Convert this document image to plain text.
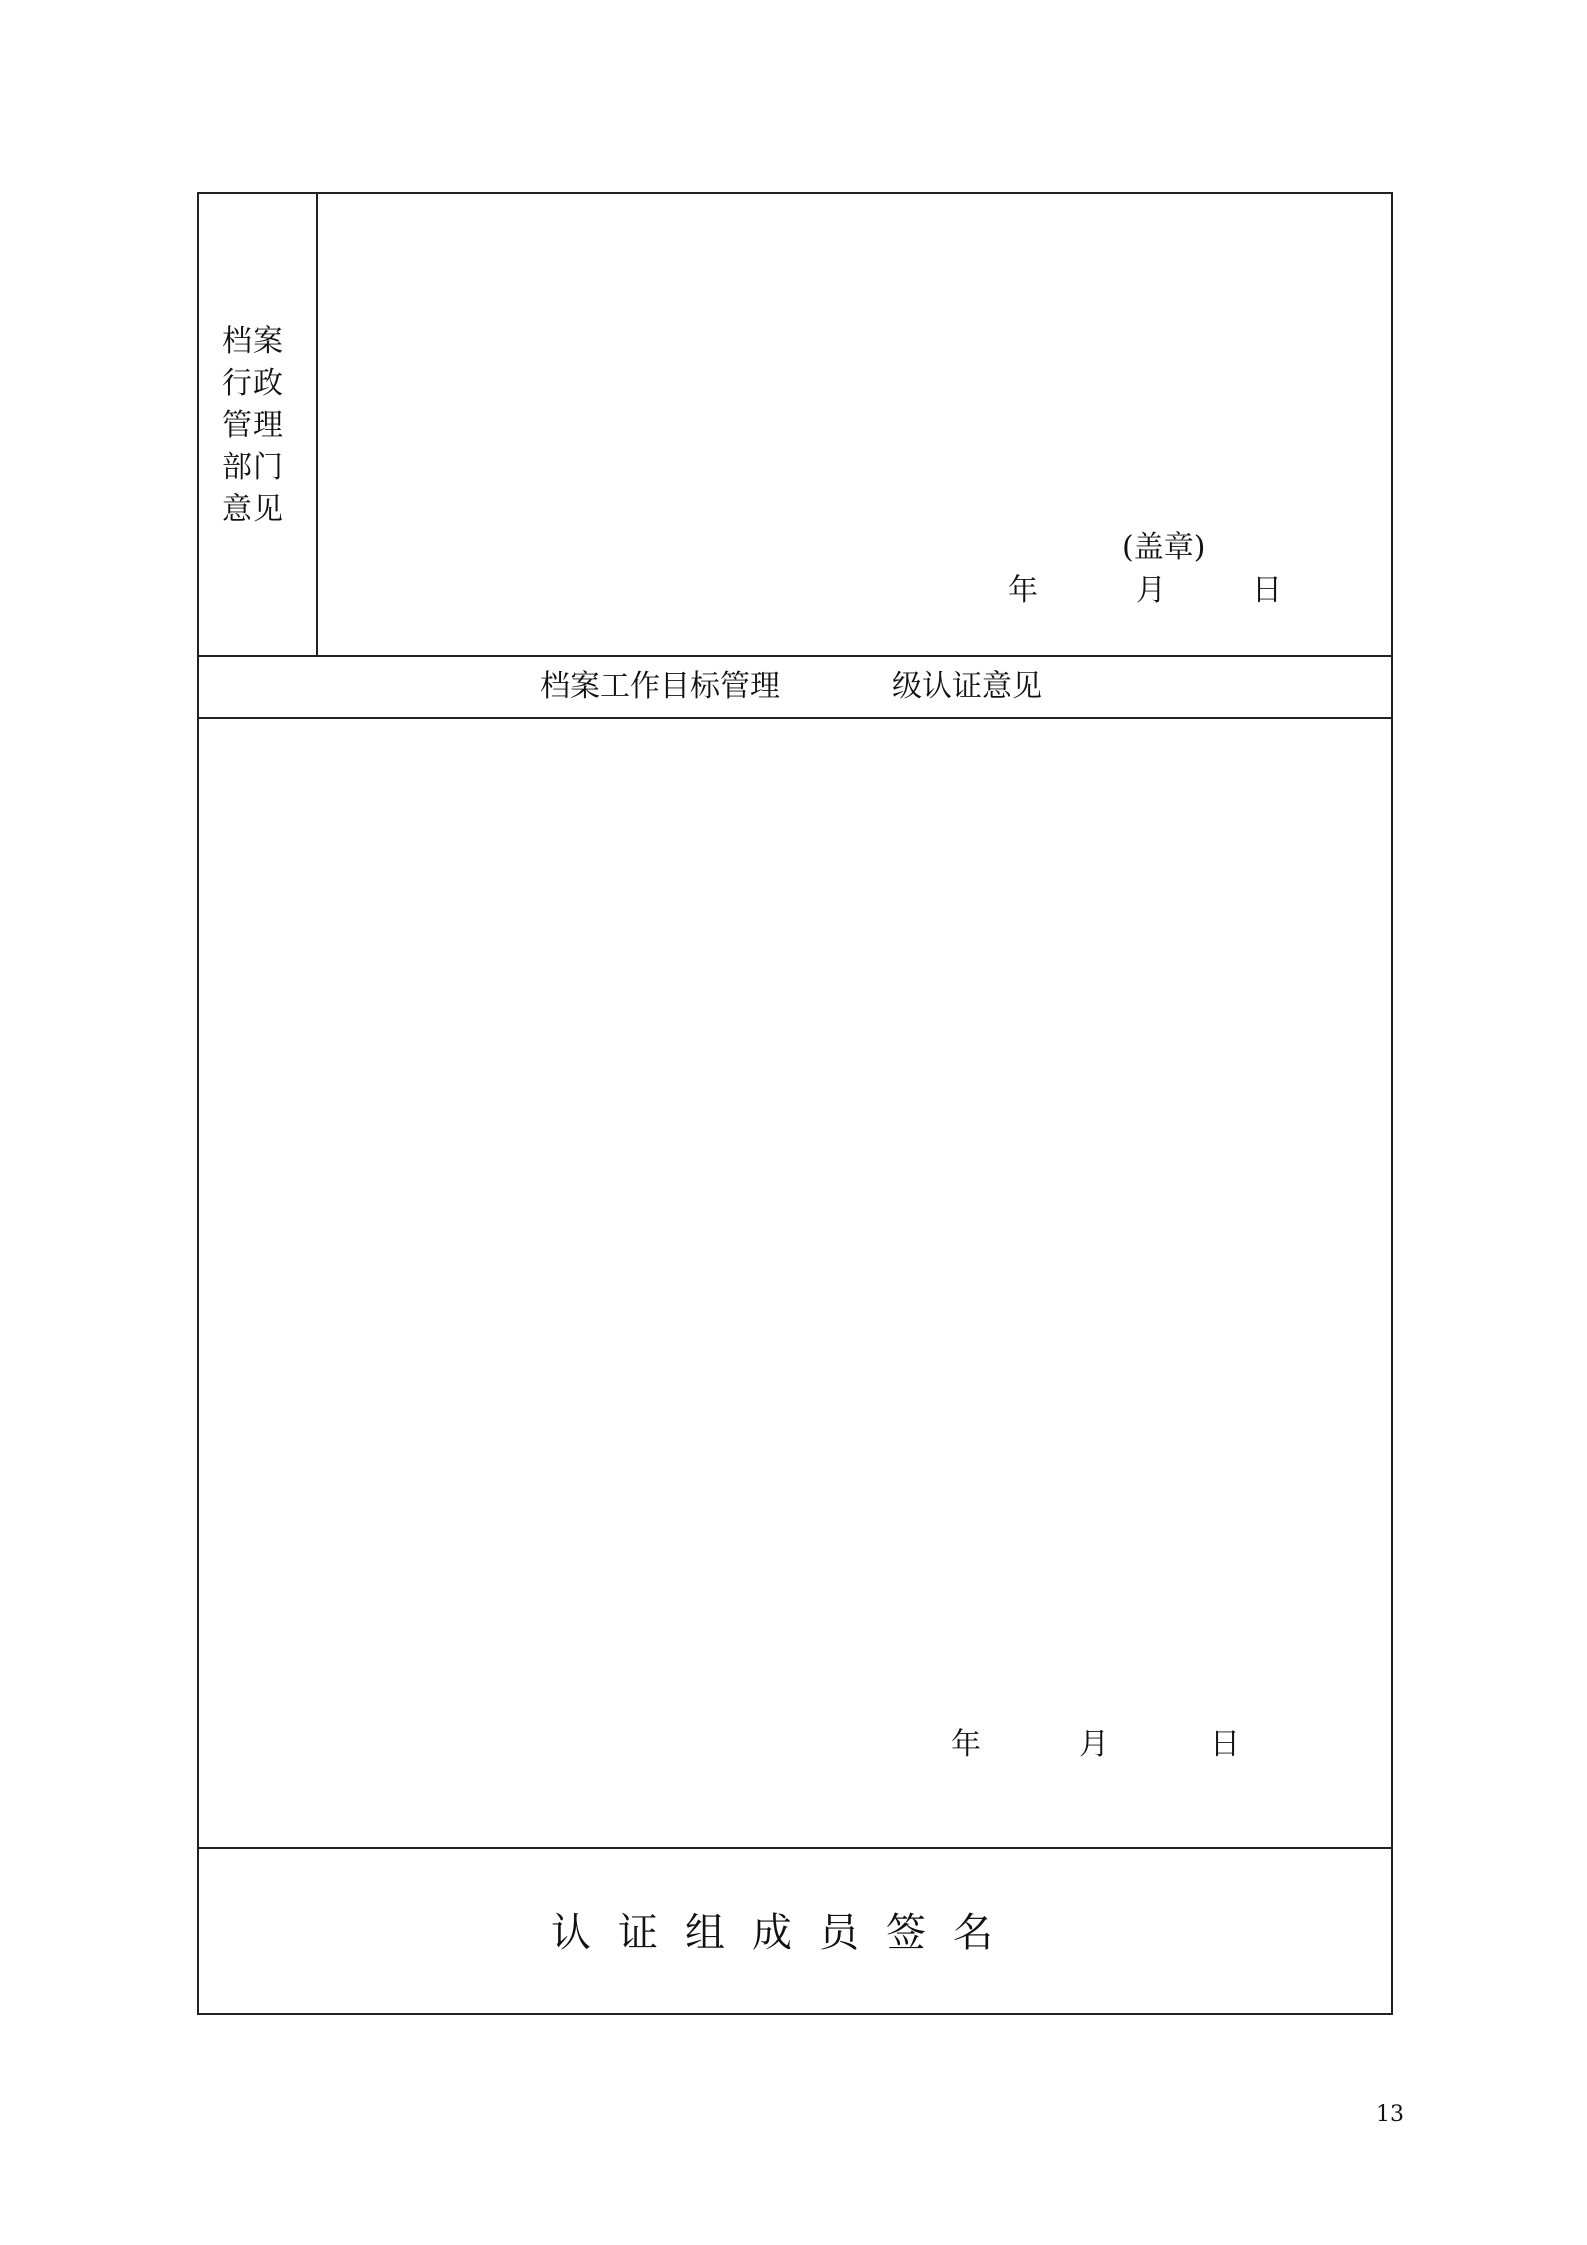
档案
行政
管理
部门
意见
(盖章)
年	月	日
档案工作目标管理	级认证意见
年	月	日
认证组成员签名
13
